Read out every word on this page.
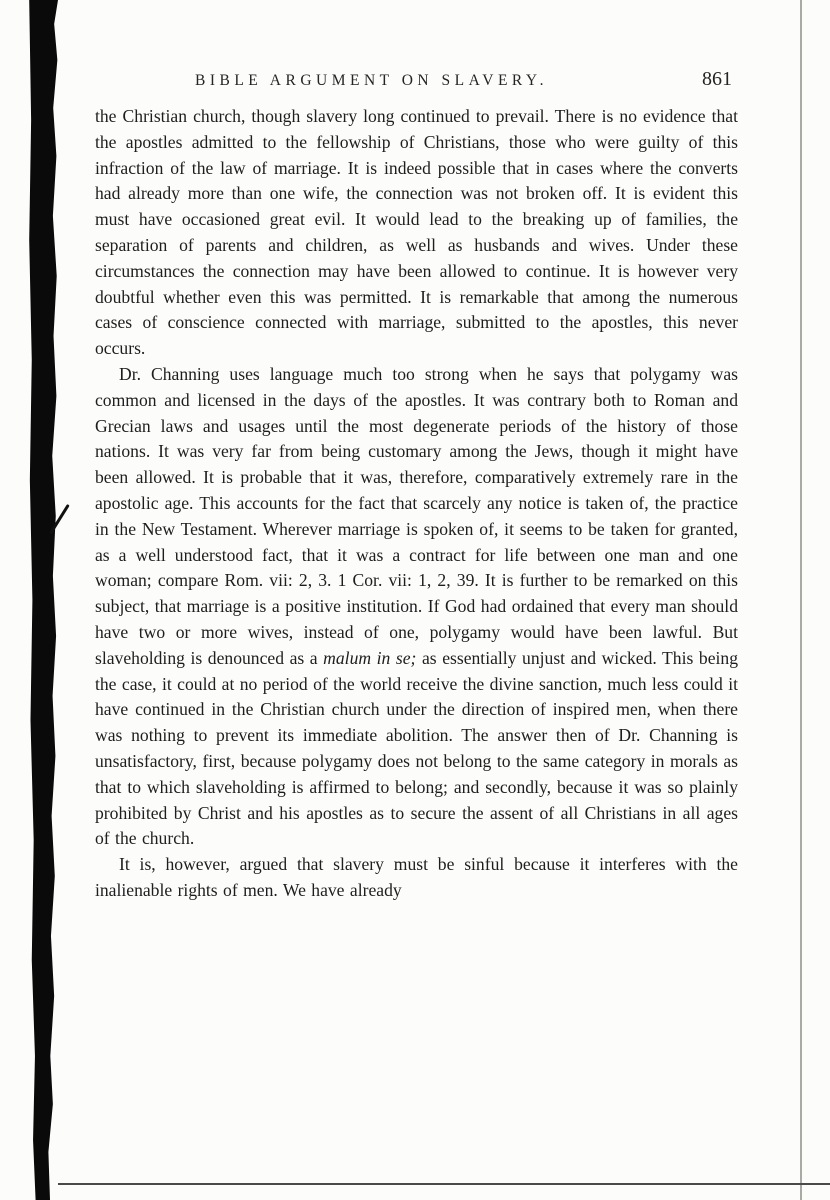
BIBLE ARGUMENT ON SLAVERY.	861

the Christian church, though slavery long continued to prevail. There is no evidence that the apostles admitted to the fellowship of Christians, those who were guilty of this infraction of the law of marriage. It is indeed possible that in cases where the converts had already more than one wife, the connection was not broken off. It is evident this must have occasioned great evil. It would lead to the breaking up of families, the separation of parents and children, as well as husbands and wives. Under these circumstances the connection may have been allowed to continue. It is however very doubtful whether even this was permitted. It is remarkable that among the numerous cases of conscience connected with marriage, submitted to the apostles, this never occurs.

Dr. Channing uses language much too strong when he says that polygamy was common and licensed in the days of the apostles. It was contrary both to Roman and Grecian laws and usages until the most degenerate periods of the history of those nations. It was very far from being customary among the Jews, though it might have been allowed. It is probable that it was, therefore, comparatively extremely rare in the apostolic age. This accounts for the fact that scarcely any notice is taken of, the practice in the New Testament. Wherever marriage is spoken of, it seems to be taken for granted, as a well understood fact, that it was a contract for life between one man and one woman; compare Rom. vii: 2, 3. 1 Cor. vii: 1, 2, 39. It is further to be remarked on this subject, that marriage is a positive institution. If God had ordained that every man should have two or more wives, instead of one, polygamy would have been lawful. But slaveholding is denounced as a malum in se; as essentially unjust and wicked. This being the case, it could at no period of the world receive the divine sanction, much less could it have continued in the Christian church under the direction of inspired men, when there was nothing to prevent its immediate abolition. The answer then of Dr. Channing is unsatisfactory, first, because polygamy does not belong to the same category in morals as that to which slaveholding is affirmed to belong; and secondly, because it was so plainly prohibited by Christ and his apostles as to secure the assent of all Christians in all ages of the church.

It is, however, argued that slavery must be sinful because it interferes with the inalienable rights of men. We have already
